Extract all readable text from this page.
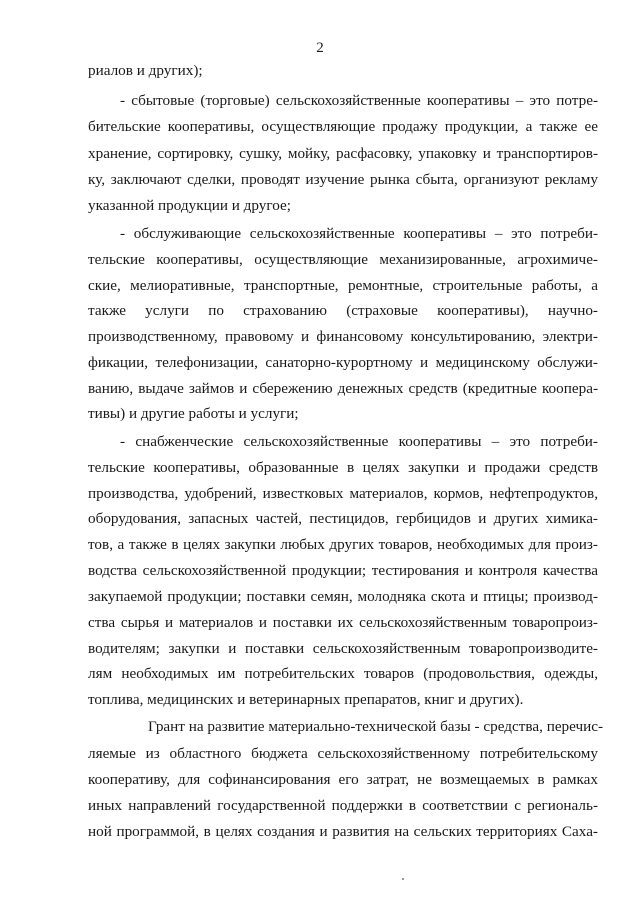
2
риалов и других);
- сбытовые (торговые) сельскохозяйственные кооперативы – это потре-
бительские кооперативы, осуществляющие продажу продукции, а также ее
хранение, сортировку, сушку, мойку, расфасовку, упаковку и транспортиров-
ку, заключают сделки, проводят изучение рынка сбыта, организуют рекламу
указанной продукции и другое;
- обслуживающие сельскохозяйственные кооперативы – это потреби-
тельские кооперативы, осуществляющие механизированные, агрохимиче-
ские, мелиоративные, транспортные, ремонтные, строительные работы, а
также услуги по страхованию (страховые кооперативы), научно-
производственному, правовому и финансовому консультированию, электри-
фикации, телефонизации, санаторно-курортному и медицинскому обслужи-
ванию, выдаче займов и сбережению денежных средств (кредитные коопера-
тивы) и другие работы и услуги;
- снабженческие сельскохозяйственные кооперативы – это потреби-
тельские кооперативы, образованные в целях закупки и продажи средств
производства, удобрений, известковых материалов, кормов, нефтепродуктов,
оборудования, запасных частей, пестицидов, гербицидов и других химика-
тов, а также в целях закупки любых других товаров, необходимых для произ-
водства сельскохозяйственной продукции; тестирования и контроля качества
закупаемой продукции; поставки семян, молодняка скота и птицы; производ-
ства сырья и материалов и поставки их сельскохозяйственным товаропроиз-
водителям; закупки и поставки сельскохозяйственным товаропроизводите-
лям необходимых им потребительских товаров (продовольствия, одежды,
топлива, медицинских и ветеринарных препаратов, книг и других).
Грант на развитие материально-технической базы - средства, перечис-
ляемые из областного бюджета сельскохозяйственному потребительскому
кооперативу, для софинансирования его затрат, не возмещаемых в рамках
иных направлений государственной поддержки в соответствии с региональ-
ной программой, в целях создания и развития на сельских территориях Саха-
